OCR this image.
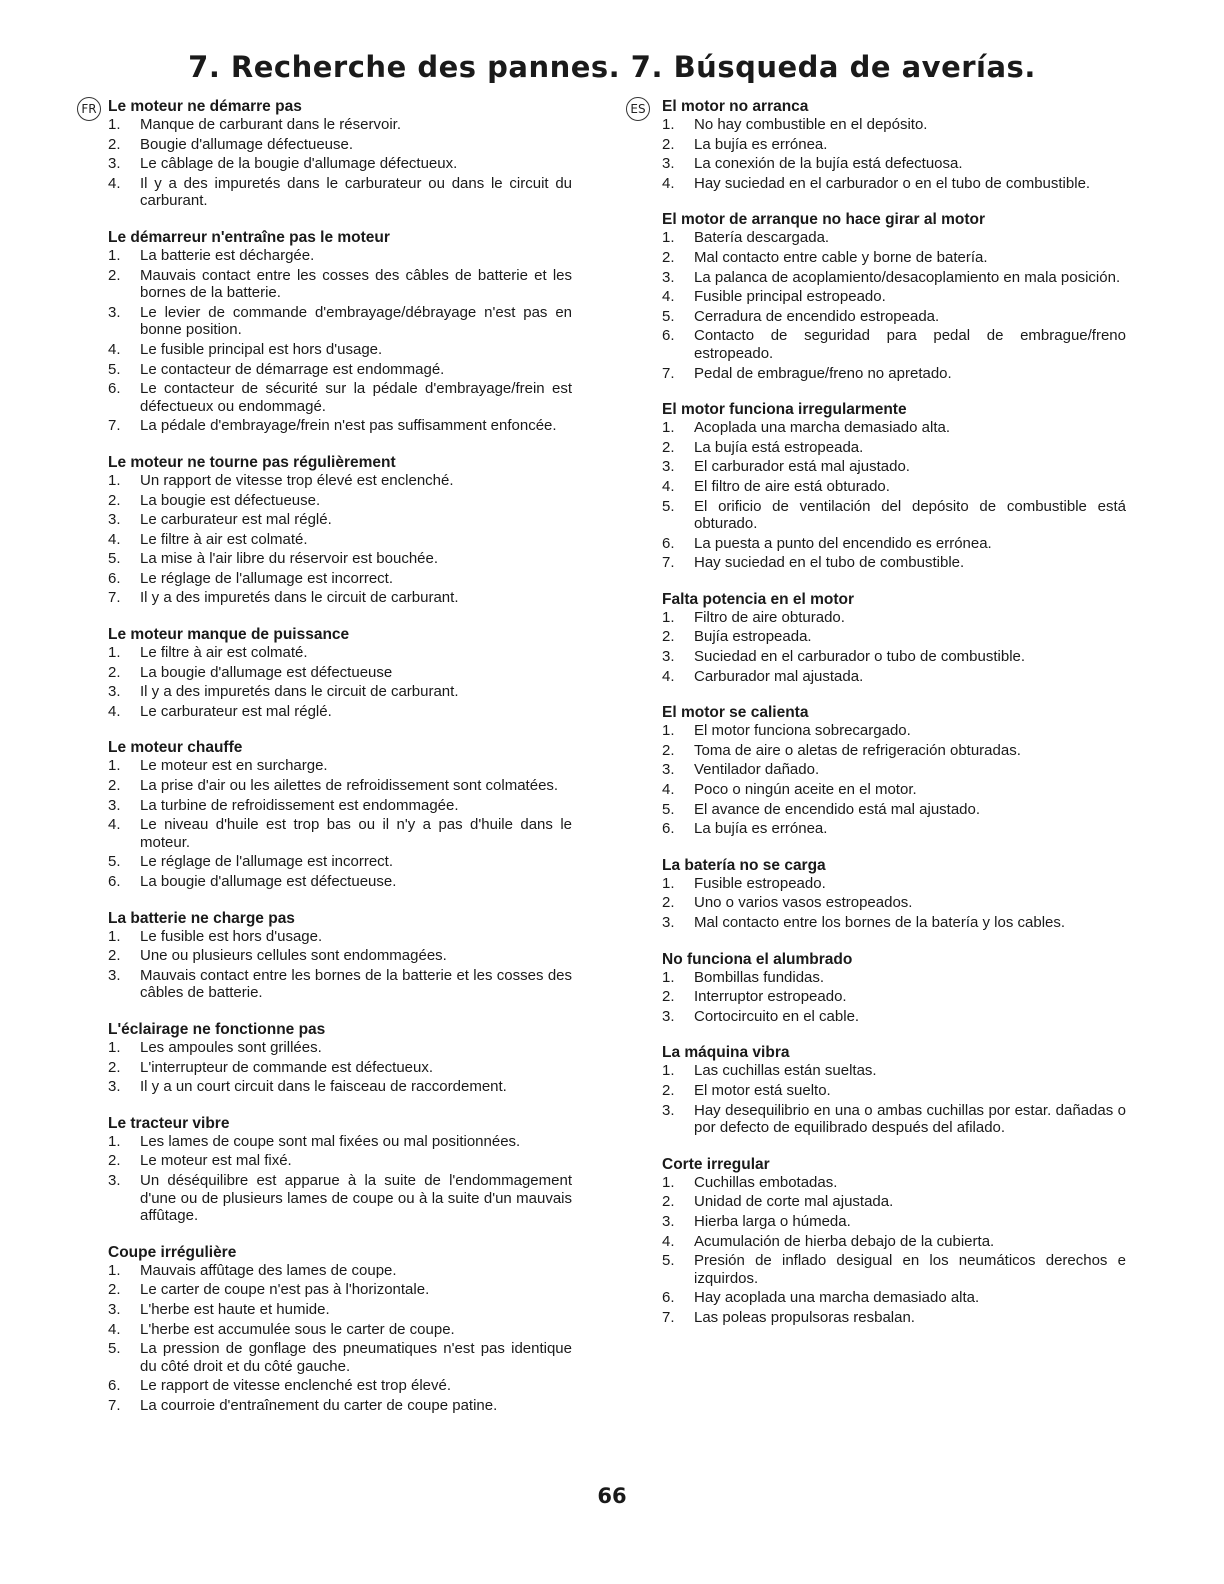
7. Recherche des pannes. 7. Búsqueda de averías.
FR Le moteur ne démarre pas
1.	Manque de carburant dans le réservoir.
2.	Bougie d'allumage défectueuse.
3.	Le câblage de la bougie d'allumage défectueux.
4.	Il y a des impuretés dans le carburateur ou dans le circuit du carburant.
Le démarreur n'entraîne pas le moteur
1.	La batterie est déchargée.
2.	Mauvais contact entre les cosses des câbles de batterie et les bornes de la batterie.
3.	Le levier de commande d'embrayage/débrayage n'est pas en bonne position.
4.	Le fusible principal est hors d'usage.
5.	Le contacteur de démarrage est endommagé.
6.	Le contacteur de sécurité sur la pédale d'embrayage/frein est défectueux ou endommagé.
7.	La pédale d'embrayage/frein n'est pas suffisamment enfoncée.
Le moteur ne tourne pas régulièrement
1.	Un rapport de vitesse trop élevé est enclenché.
2.	La bougie est défectueuse.
3.	Le carburateur est mal réglé.
4.	Le filtre à air est colmaté.
5.	La mise à l'air libre du réservoir est bouchée.
6.	Le réglage de l'allumage est incorrect.
7.	Il y a des impuretés dans le circuit de carburant.
Le moteur manque de puissance
1.	Le filtre à air est colmaté.
2.	La bougie d'allumage est défectueuse
3.	Il y a des impuretés dans le circuit de carburant.
4.	Le carburateur est mal réglé.
Le moteur chauffe
1.	Le moteur est en surcharge.
2.	La prise d'air ou les ailettes de refroidissement sont colmatées.
3.	La turbine de refroidissement est endommagée.
4.	Le niveau d'huile est trop bas ou il n'y a pas d'huile dans le moteur.
5.	Le réglage de l'allumage est incorrect.
6.	La bougie d'allumage est défectueuse.
La batterie ne charge pas
1.	Le fusible est hors d'usage.
2.	Une ou plusieurs cellules sont endommagées.
3.	Mauvais contact entre les bornes de la batterie et les cosses des câbles de batterie.
L'éclairage ne fonctionne pas
1.	Les ampoules sont grillées.
2.	L'interrupteur de commande est défectueux.
3.	Il y a un court circuit dans le faisceau de raccordement.
Le tracteur vibre
1.	Les lames de coupe sont mal fixées ou mal positionnées.
2.	Le moteur est mal fixé.
3.	Un déséquilibre est apparue à la suite de l'endommagement d'une ou de plusieurs lames de coupe ou à la suite d'un mauvais affûtage.
Coupe irrégulière
1.	Mauvais affûtage des lames de coupe.
2.	Le carter de coupe n'est pas à l'horizontale.
3.	L'herbe est haute et humide.
4.	L'herbe est accumulée sous le carter de coupe.
5.	La pression de gonflage des pneumatiques n'est pas identique du côté droit et du côté gauche.
6.	Le rapport de vitesse enclenché est trop élevé.
7.	La courroie d'entraînement du carter de coupe patine.
ES El motor no arranca
1.	No hay combustible en el depósito.
2.	La bujía es errónea.
3.	La conexión de la bujía está defectuosa.
4.	Hay suciedad en el carburador o en el tubo de combustible.
El motor de arranque no hace girar al motor
1.	Batería descargada.
2.	Mal contacto entre cable y borne de batería.
3.	La palanca de acoplamiento/desacoplamiento en mala posición.
4.	Fusible principal estropeado.
5.	Cerradura de encendido estropeada.
6.	Contacto de seguridad para pedal de embrague/freno estropeado.
7.	Pedal de embrague/freno no apretado.
El motor funciona irregularmente
1.	Acoplada una marcha demasiado alta.
2.	La bujía está estropeada.
3.	El carburador está mal ajustado.
4.	El filtro de aire está obturado.
5.	El orificio de ventilación del depósito de combustible está obturado.
6.	La puesta a punto del encendido es errónea.
7.	Hay suciedad en el tubo de combustible.
Falta potencia en el motor
1.	Filtro de aire obturado.
2.	Bujía estropeada.
3.	Suciedad en el carburador o tubo de combustible.
4.	Carburador mal ajustada.
El motor se calienta
1.	El motor funciona sobrecargado.
2.	Toma de aire o aletas de refrigeración obturadas.
3.	Ventilador dañado.
4.	Poco o ningún aceite en el motor.
5.	El avance de encendido está mal ajustado.
6.	La bujía es errónea.
La batería no se carga
1.	Fusible estropeado.
2.	Uno o varios vasos estropeados.
3.	Mal contacto entre los bornes de la batería y los cables.
No funciona el alumbrado
1.	Bombillas fundidas.
2.	Interruptor estropeado.
3.	Cortocircuito en el cable.
La máquina vibra
1.	Las cuchillas están sueltas.
2.	El motor está suelto.
3.	Hay desequilibrio en una o ambas cuchillas por estar. dañadas o por defecto de equilibrado después del afilado.
Corte irregular
1.	Cuchillas embotadas.
2.	Unidad de corte mal ajustada.
3.	Hierba larga o húmeda.
4.	Acumulación de hierba debajo de la cubierta.
5.	Presión de inflado desigual en los neumáticos derechos e izquirdos.
6.	Hay acoplada una marcha demasiado alta.
7.	Las poleas propulsoras resbalan.
66
